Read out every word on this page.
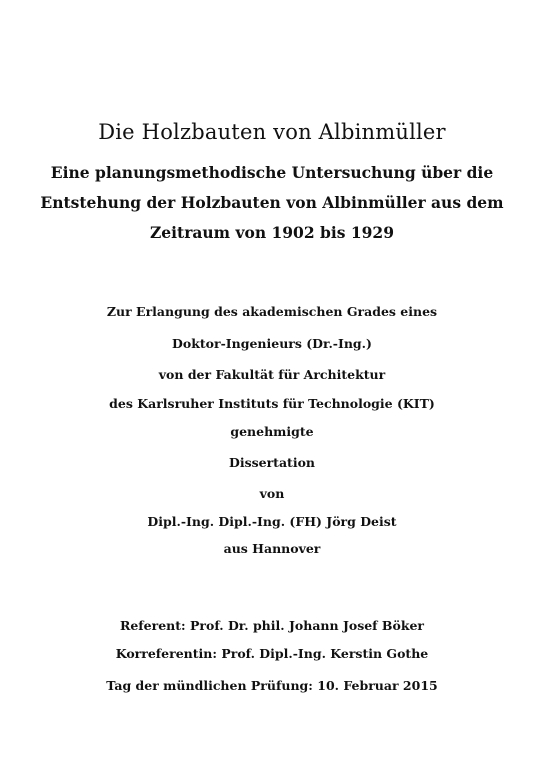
Die Holzbauten von Albinmüller
Eine planungsmethodische Untersuchung über die
Entstehung der Holzbauten von Albinmüller aus dem
Zeitraum von 1902 bis 1929
Zur Erlangung des akademischen Grades eines
Doktor-Ingenieurs (Dr.-Ing.)
von der Fakultät für Architektur
des Karlsruher Instituts für Technologie (KIT)
genehmigte
Dissertation
von
Dipl.-Ing. Dipl.-Ing. (FH) Jörg Deist
aus Hannover
Referent: Prof. Dr. phil. Johann Josef Böker
Korreferentin: Prof. Dipl.-Ing. Kerstin Gothe
Tag der mündlichen Prüfung: 10. Februar 2015
